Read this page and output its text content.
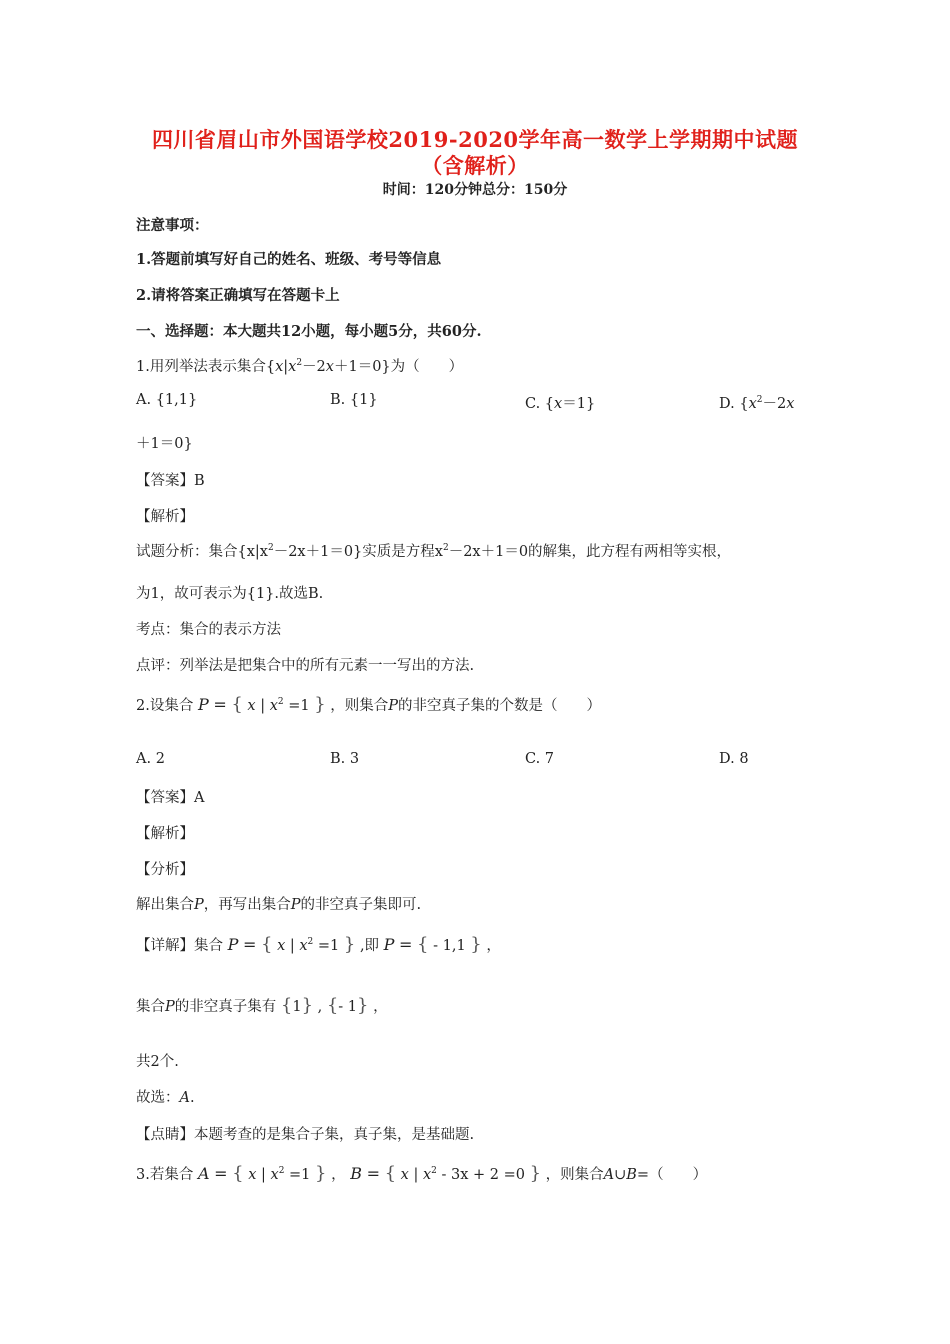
四川省眉山市外国语学校2019-2020学年高一数学上学期期中试题
（含解析）
时间：120分钟总分：150分
注意事项：
1.答题前填写好自己的姓名、班级、考号等信息
2.请将答案正确填写在答题卡上
一、选择题：本大题共12小题，每小题5分，共60分.
1.用列举法表示集合$\{x|x^2-2x+1=0\}$为（　　）
A. {1,1}	B. {1}	C. {x＝1}	D. {$x^2-2x$
＋1＝0}
【答案】B
【解析】
试题分析：集合$\{x|x^2-2x+1=0\}$实质是方程$x^2-2x+1=0$的解集，此方程有两相等实根，
为1，故可表示为{1}.故选B.
考点：集合的表示方法
点评：列举法是把集合中的所有元素一一写出的方法.
2.设集合 P = { x | $x^2 =1$ } ，则集合P的非空真子集的个数是（　　）
A. 2	B. 3	C. 7	D. 8
【答案】A
【解析】
【分析】
解出集合P，再写出集合P的非空真子集即可.
【详解】集合 P = { x | $x^2 =1$ } ,即 P = { - 1,1 } ，
集合P的非空真子集有 {1} , {- 1} ，
共2个.
故选：A.
【点睛】本题考查的是集合子集，真子集，是基础题.
3.若集合 A = { x | $x^2 =1$ } ， B = { x | $x^2 - 3x + 2 =0$ } ，则集合A∪B=（　　）
